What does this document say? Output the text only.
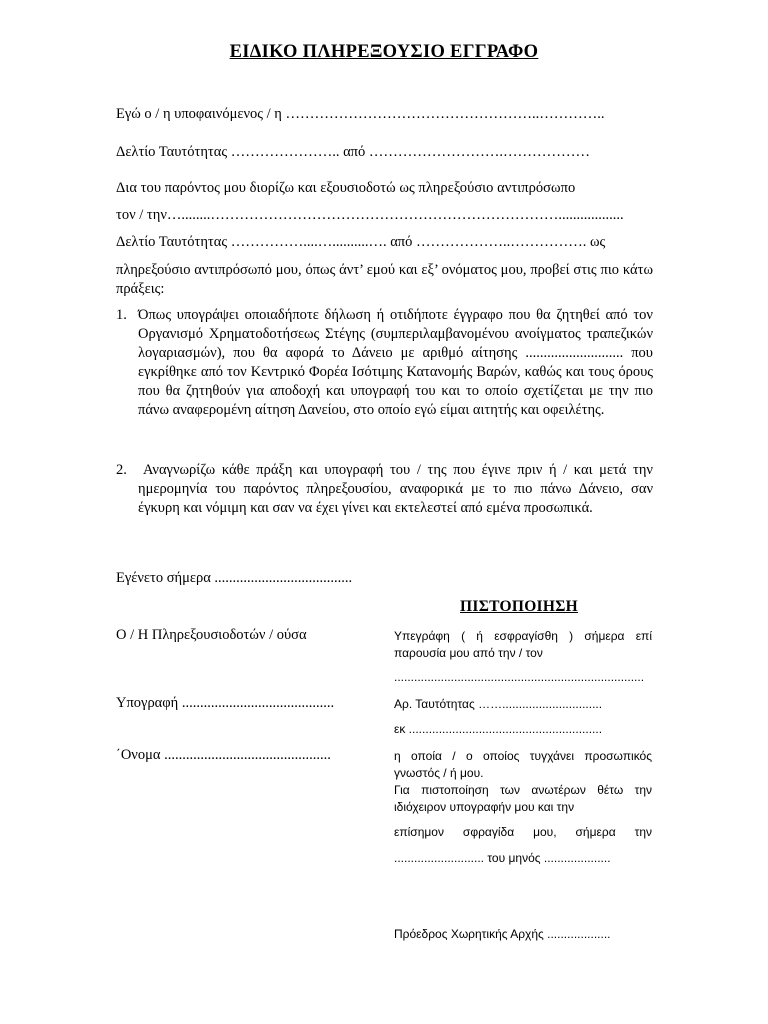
ΕΙΔΙΚΟ ΠΛΗΡΕΞΟΥΣΙΟ ΕΓΓΡΑΦΟ
Εγώ ο / η υποφαινόμενος / η ……………………………………………..…………..
Δελτίο Ταυτότητας ………………….. από ……………………….………………
Δια του παρόντος μου διορίζω και εξουσιοδοτώ ως πληρεξούσιο αντιπρόσωπο
τον / την…........………………………………………………………………..................
Δελτίο Ταυτότητας ……………....…..........…. από ………………..……………. ως
πληρεξούσιο αντιπρόσωπό μου, όπως άντ’ εμού και εξ’ ονόματος μου, προβεί στις πιο κάτω πράξεις:
1. Όπως υπογράψει οποιαδήποτε δήλωση ή οτιδήποτε έγγραφο που θα ζητηθεί από τον Οργανισμό Χρηματοδοτήσεως Στέγης (συμπεριλαμβανομένου ανοίγματος τραπεζικών λογαριασμών), που θα αφορά το Δάνειο με αριθμό αίτησης ........................... που εγκρίθηκε από τον Κεντρικό Φορέα Ισότιμης Κατανομής Βαρών, καθώς και τους όρους που θα ζητηθούν για αποδοχή και υπογραφή του και το οποίο σχετίζεται με την πιο πάνω αναφερομένη αίτηση Δανείου, στο οποίο εγώ είμαι αιτητής και οφειλέτης.
2.	Αναγνωρίζω κάθε πράξη και υπογραφή του / της που έγινε πριν ή / και μετά την ημερομηνία του παρόντος πληρεξουσίου, αναφορικά με το πιο πάνω Δάνειο, σαν έγκυρη και νόμιμη και σαν να έχει γίνει και εκτελεστεί από εμένα προσωπικά.
Εγένετο σήμερα ......................................
ΠΙΣΤΟΠΟΙΗΣΗ
Ο / Η Πληρεξουσιοδοτών / ούσα
Υπογραφή ..........................................
΄Ονομα ..............................................
Υπεγράφη ( ή εσφραγίσθη ) σήμερα επί παρουσία μου από την / τον
...........................................................................
Αρ. Ταυτότητας ……..............................
εκ ..........................................................
η οποία / ο οποίος τυγχάνει προσωπικός γνωστός / ή μου.
Για πιστοποίηση των ανωτέρων θέτω την ιδιόχειρον υπογραφήν μου και την
επίσημον σφραγίδα μου, σήμερα την
........................... του μηνός ....................
Πρόεδρος Χωρητικής Αρχής ...................
